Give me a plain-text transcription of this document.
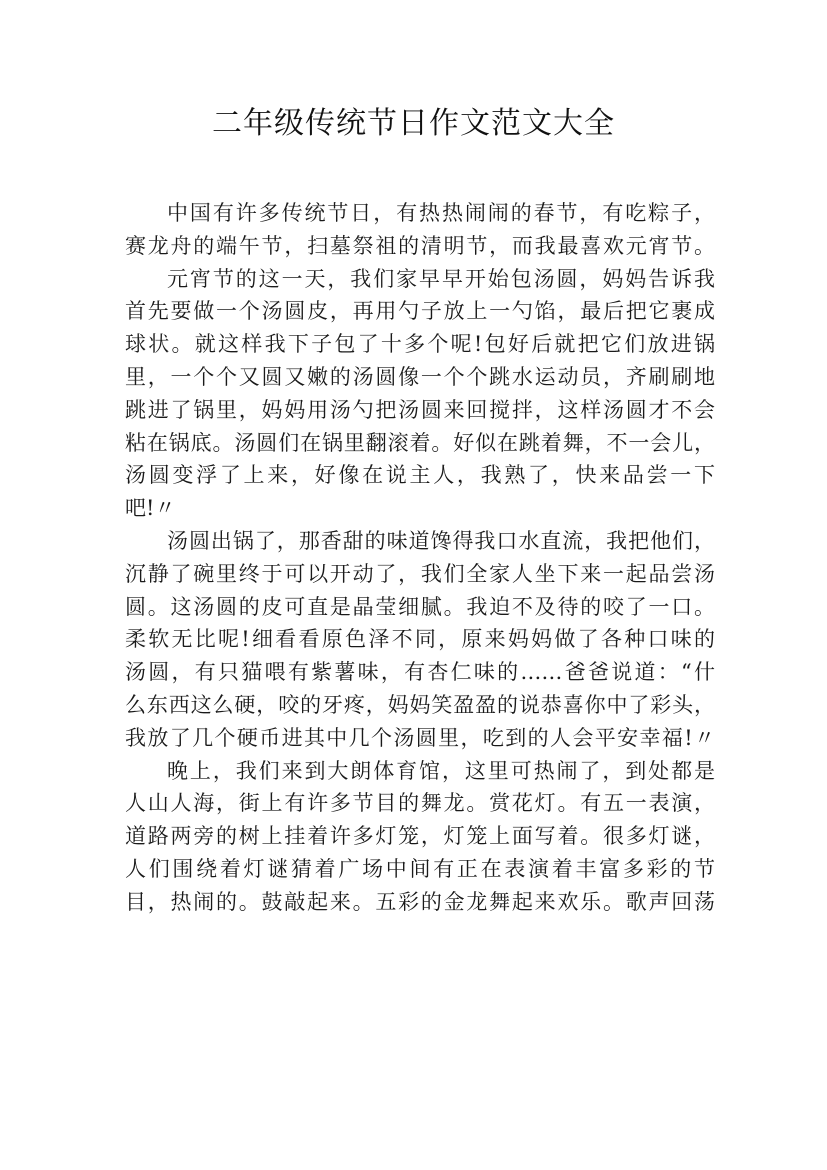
二年级传统节日作文范文大全
中国有许多传统节日，有热热闹闹的春节，有吃粽子，
赛龙舟的端午节，扫墓祭祖的清明节，而我最喜欢元宵节。
元宵节的这一天，我们家早早开始包汤圆，妈妈告诉我
首先要做一个汤圆皮，再用勺子放上一勺馅，最后把它裹成
球状。就这样我下子包了十多个呢!包好后就把它们放进锅
里，一个个又圆又嫩的汤圆像一个个跳水运动员，齐刷刷地
跳进了锅里，妈妈用汤勺把汤圆来回搅拌，这样汤圆才不会
粘在锅底。汤圆们在锅里翻滚着。好似在跳着舞，不一会儿，
汤圆变浮了上来，好像在说主人，我熟了，快来品尝一下
吧!〃
汤圆出锅了，那香甜的味道馋得我口水直流，我把他们，
沉静了碗里终于可以开动了，我们全家人坐下来一起品尝汤
圆。这汤圆的皮可直是晶莹细腻。我迫不及待的咬了一口。
柔软无比呢!细看看原色泽不同，原来妈妈做了各种口味的
汤圆，有只猫喂有紫薯味，有杏仁味的……爸爸说道：“什
么东西这么硬，咬的牙疼，妈妈笑盈盈的说恭喜你中了彩头，
我放了几个硬币进其中几个汤圆里，吃到的人会平安幸福!〃
晚上，我们来到大朗体育馆，这里可热闹了，到处都是
人山人海，街上有许多节目的舞龙。赏花灯。有五一表演，
道路两旁的树上挂着许多灯笼，灯笼上面写着。很多灯谜，
人们围绕着灯谜猜着广场中间有正在表演着丰富多彩的节
目，热闹的。鼓敲起来。五彩的金龙舞起来欢乐。歌声回荡
